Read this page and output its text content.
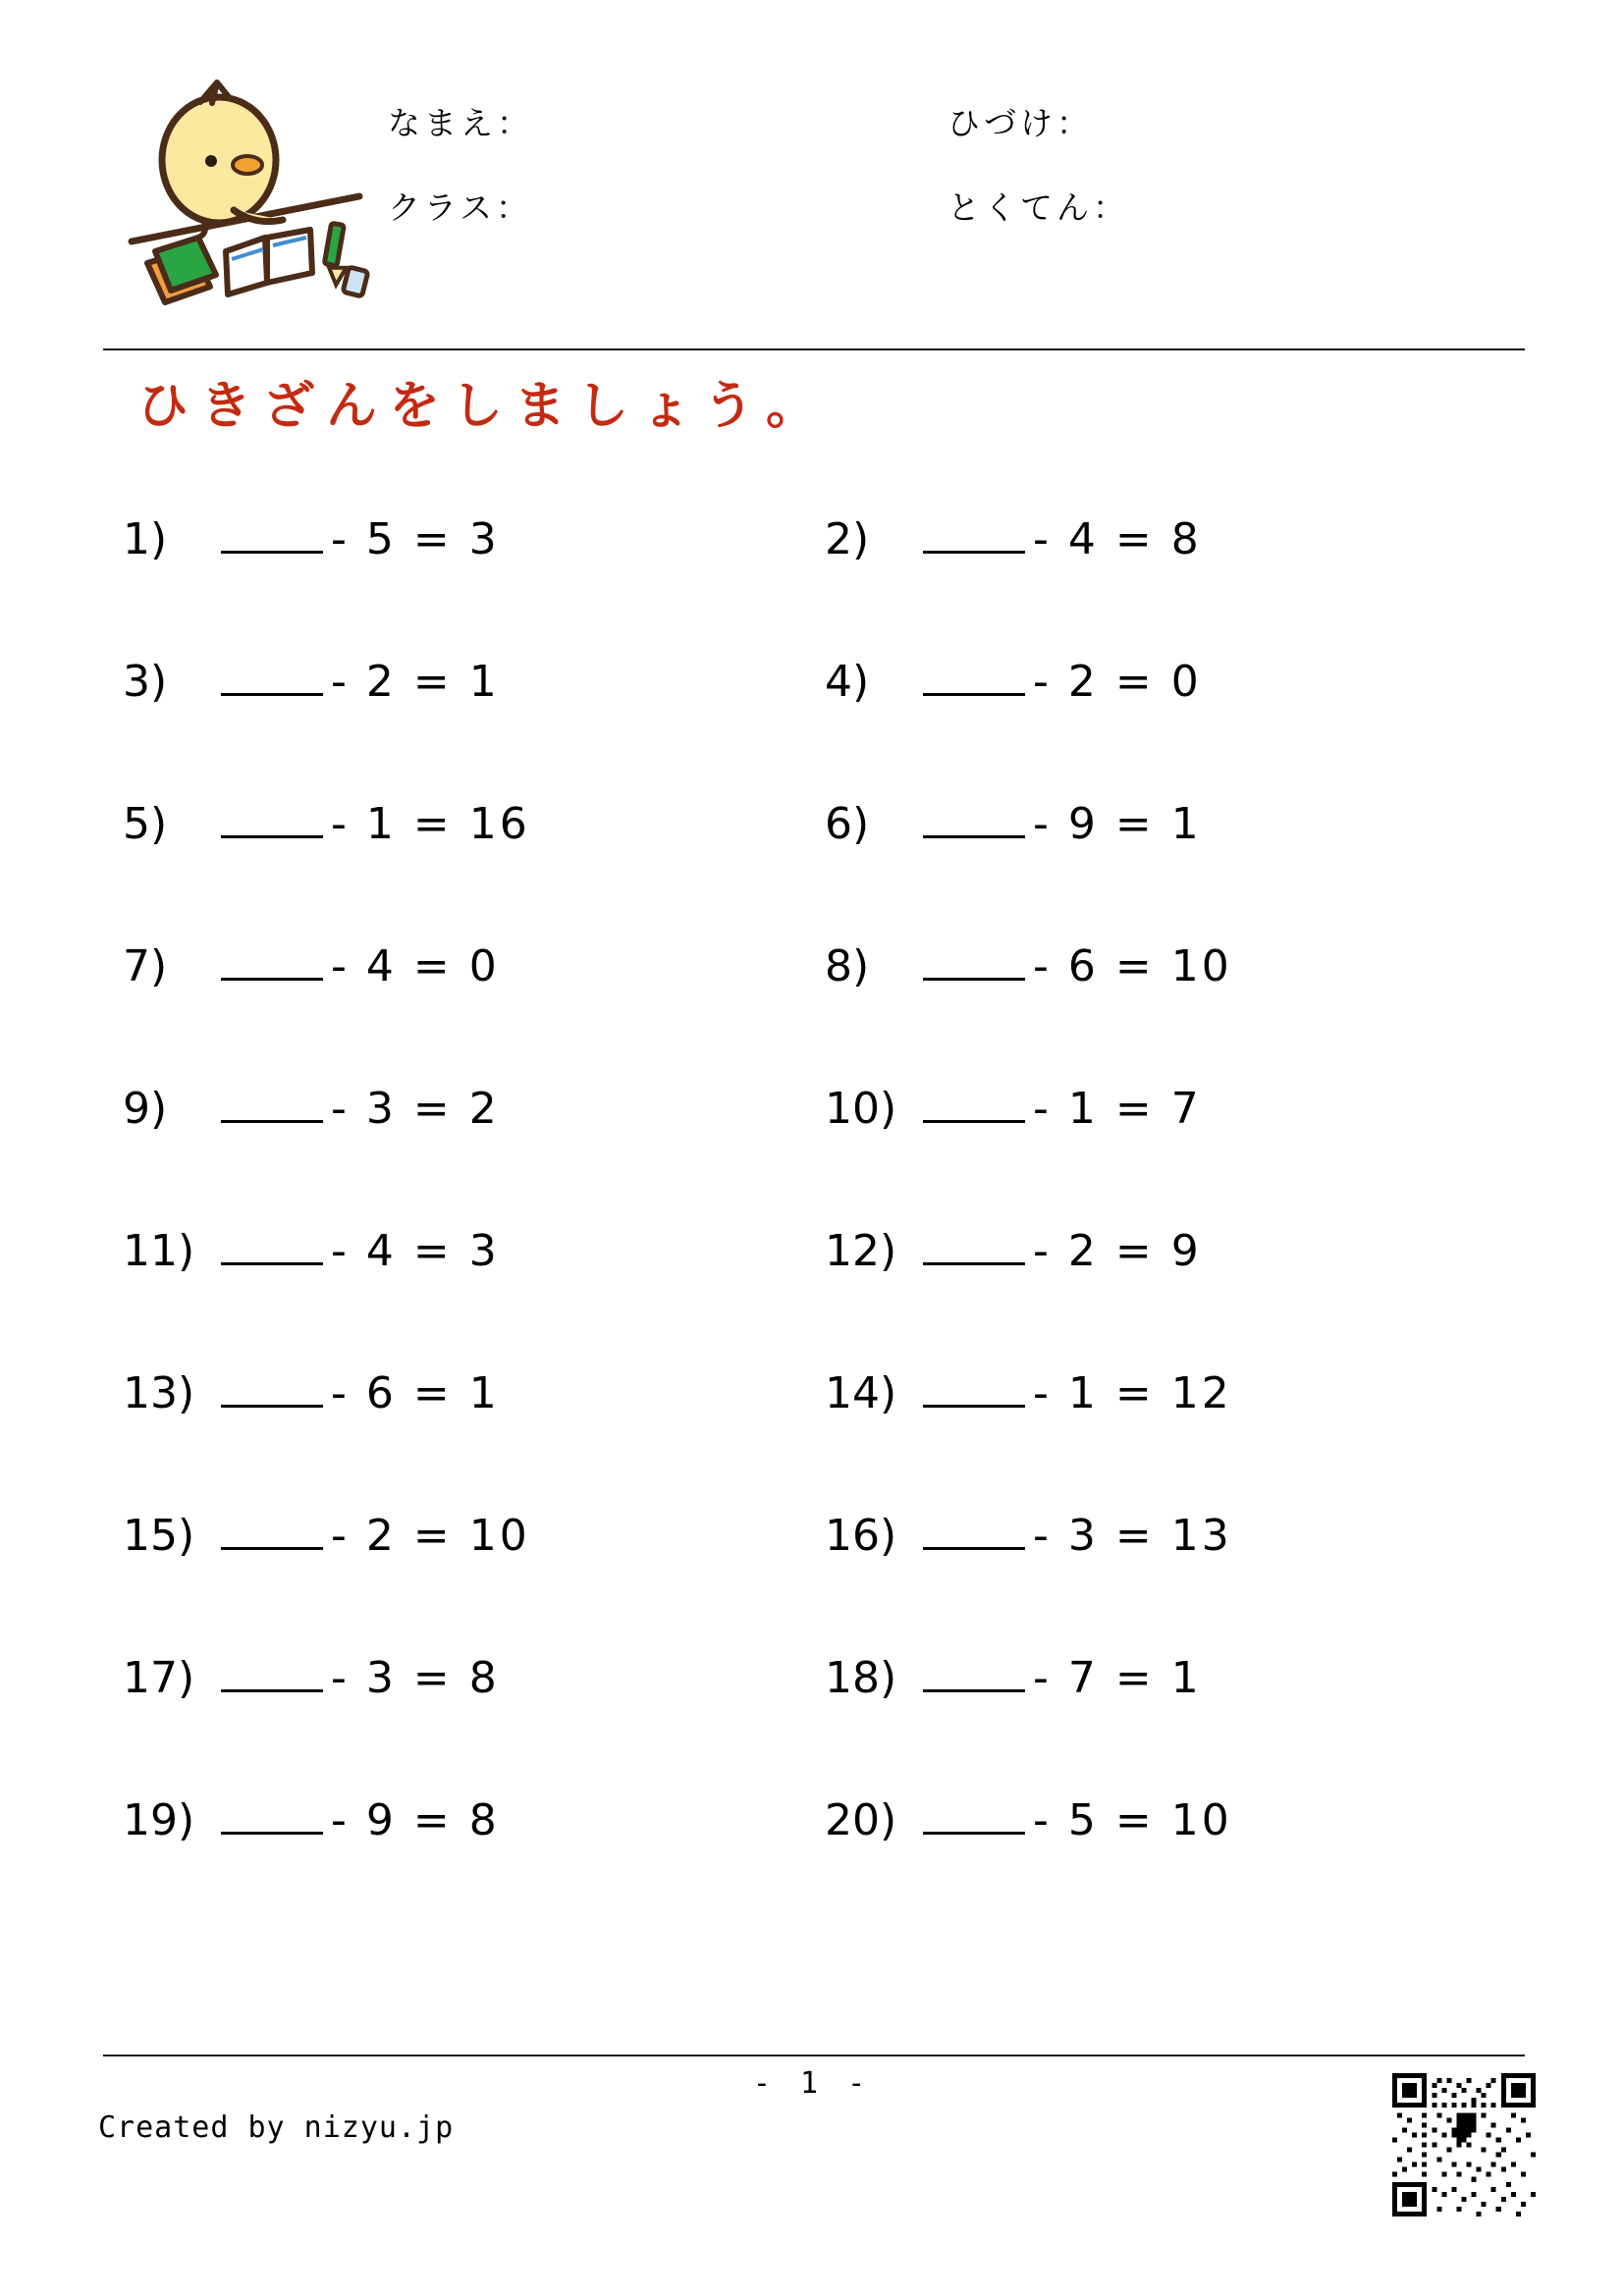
なまえ：	ひづけ：
クラス：	とくてん：
ひきざんをしましょう。
1)	- 5 = 3	2)	- 4 = 8
3)	- 2 = 1	4)	- 2 = 0
5)	- 1 = 16	6)	- 9 = 1
7)	- 4 = 0	8)	- 6 = 10
9)	- 3 = 2	10)	- 1 = 7
11)	- 4 = 3	12)	- 2 = 9
13)	- 6 = 1	14)	- 1 = 12
15)	- 2 = 10	16)	- 3 = 13
17)	- 3 = 8	18)	- 7 = 1
19)	- 9 = 8	20)	- 5 = 10
- 1 -
Created by nizyu.jp
